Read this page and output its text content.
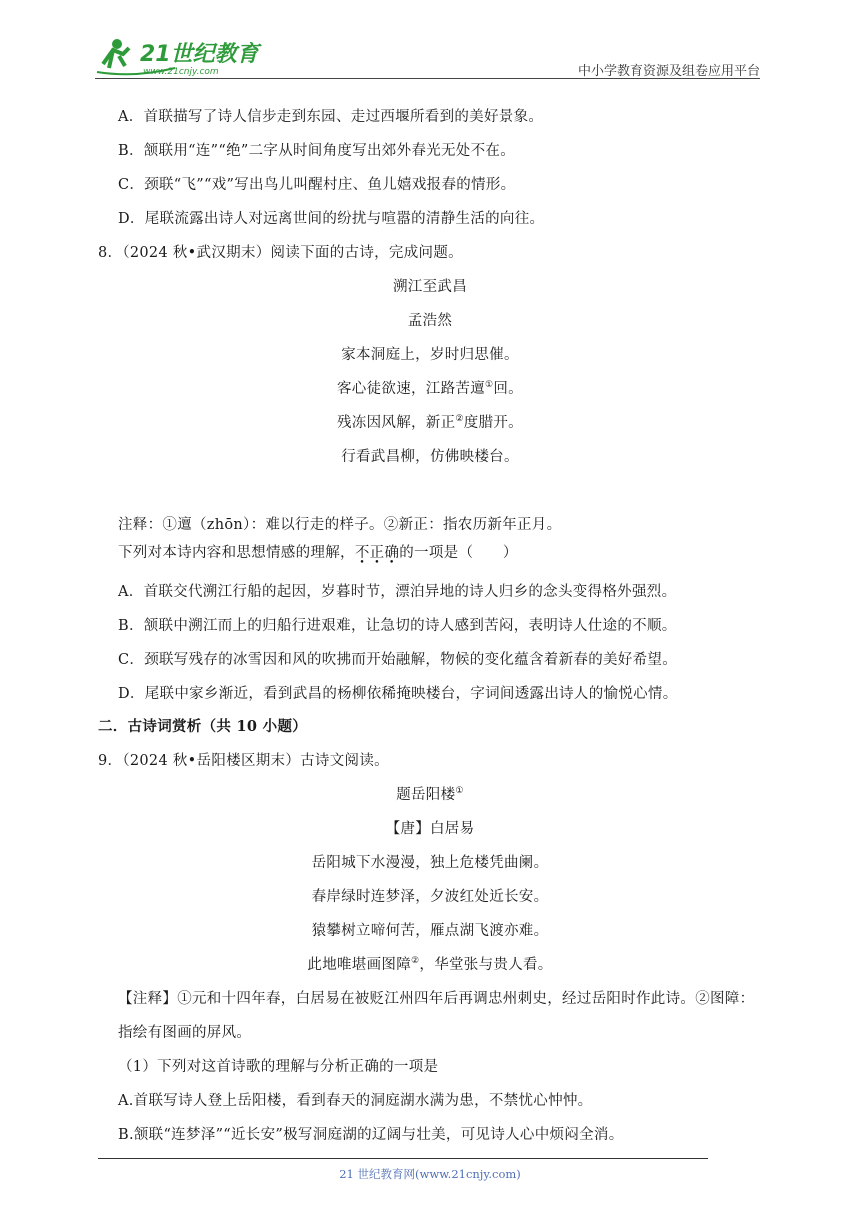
21世纪教育
www.21cnjy.com	中小学教育资源及组卷应用平台
A．首联描写了诗人信步走到东园、走过西堰所看到的美好景象。
B．颔联用“连”“绝”二字从时间角度写出郊外春光无处不在。
C．颈联“飞”“戏”写出鸟儿叫醒村庄、鱼儿嬉戏报春的情形。
D．尾联流露出诗人对远离世间的纷扰与喧嚣的清静生活的向往。
8．（2024 秋•武汉期末）阅读下面的古诗，完成问题。
溯江至武昌
孟浩然
家本洞庭上，岁时归思催。
客心徒欲速，江路苦邅①回。
残冻因风解，新正②度腊开。
行看武昌柳，仿佛映楼台。
注释：①邅（zhōn）：难以行走的样子。②新正：指农历新年正月。
下列对本诗内容和思想情感的理解，不正确的一项是（　　）
A．首联交代溯江行船的起因，岁暮时节，漂泊异地的诗人归乡的念头变得格外强烈。
B．颔联中溯江而上的归船行进艰难，让急切的诗人感到苦闷，表明诗人仕途的不顺。
C．颈联写残存的冰雪因和风的吹拂而开始融解，物候的变化蕴含着新春的美好希望。
D．尾联中家乡渐近，看到武昌的杨柳依稀掩映楼台，字词间透露出诗人的愉悦心情。
二．古诗词赏析（共 10 小题）
9．（2024 秋•岳阳楼区期末）古诗文阅读。
题岳阳楼①
【唐】白居易
岳阳城下水漫漫，独上危楼凭曲阑。
春岸绿时连梦泽，夕波红处近长安。
猿攀树立啼何苦，雁点湖飞渡亦难。
此地唯堪画图障②，华堂张与贵人看。
【注释】①元和十四年春，白居易在被贬江州四年后再调忠州刺史，经过岳阳时作此诗。②图障：
指绘有图画的屏风。
（1）下列对这首诗歌的理解与分析正确的一项是
A.首联写诗人登上岳阳楼，看到春天的洞庭湖水满为患，不禁忧心忡忡。
B.颔联“连梦泽”“近长安”极写洞庭湖的辽阔与壮美，可见诗人心中烦闷全消。
21 世纪教育网(www.21cnjy.com)
